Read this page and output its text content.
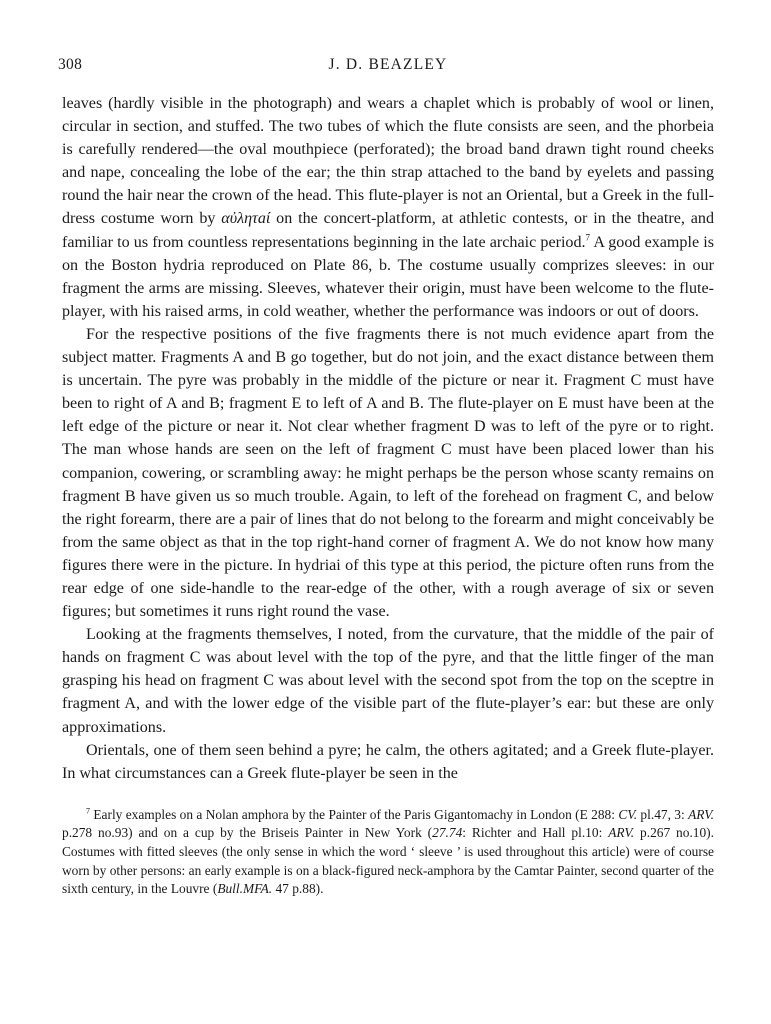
308	J. D. BEAZLEY

leaves (hardly visible in the photograph) and wears a chaplet which is probably of wool or linen, circular in section, and stuffed. The two tubes of which the flute consists are seen, and the phorbeia is carefully rendered—the oval mouthpiece (perforated); the broad band drawn tight round cheeks and nape, concealing the lobe of the ear; the thin strap attached to the band by eyelets and passing round the hair near the crown of the head. This flute-player is not an Oriental, but a Greek in the full-dress costume worn by αὐλητaί on the concert-platform, at athletic contests, or in the theatre, and familiar to us from countless representations beginning in the late archaic period.$^7$ A good example is on the Boston hydria reproduced on Plate 86, b. The costume usually comprizes sleeves: in our fragment the arms are missing. Sleeves, whatever their origin, must have been welcome to the flute-player, with his raised arms, in cold weather, whether the performance was indoors or out of doors.

For the respective positions of the five fragments there is not much evidence apart from the subject matter. Fragments A and B go together, but do not join, and the exact distance between them is uncertain. The pyre was probably in the middle of the picture or near it. Fragment C must have been to right of A and B; fragment E to left of A and B. The flute-player on E must have been at the left edge of the picture or near it. Not clear whether fragment D was to left of the pyre or to right. The man whose hands are seen on the left of fragment C must have been placed lower than his companion, cowering, or scrambling away: he might perhaps be the person whose scanty remains on fragment B have given us so much trouble. Again, to left of the forehead on fragment C, and below the right forearm, there are a pair of lines that do not belong to the forearm and might conceivably be from the same object as that in the top right-hand corner of fragment A. We do not know how many figures there were in the picture. In hydriai of this type at this period, the picture often runs from the rear edge of one side-handle to the rear-edge of the other, with a rough average of six or seven figures; but sometimes it runs right round the vase.

Looking at the fragments themselves, I noted, from the curvature, that the middle of the pair of hands on fragment C was about level with the top of the pyre, and that the little finger of the man grasping his head on fragment C was about level with the second spot from the top on the sceptre in fragment A, and with the lower edge of the visible part of the flute-player’s ear: but these are only approximations.

Orientals, one of them seen behind a pyre; he calm, the others agitated; and a Greek flute-player. In what circumstances can a Greek flute-player be seen in the

$^7$ Early examples on a Nolan amphora by the Painter of the Paris Gigantomachy in London (E 288: CV. pl.47, 3: ARV. p.278 no.93) and on a cup by the Briseis Painter in New York (27.74: Richter and Hall pl.10: ARV. p.267 no.10). Costumes with fitted sleeves (the only sense in which the word ‘ sleeve ’ is used throughout this article) were of course worn by other persons: an early example is on a black-figured neck-amphora by the Camtar Painter, second quarter of the sixth century, in the Louvre (Bull.MFA. 47 p.88).
